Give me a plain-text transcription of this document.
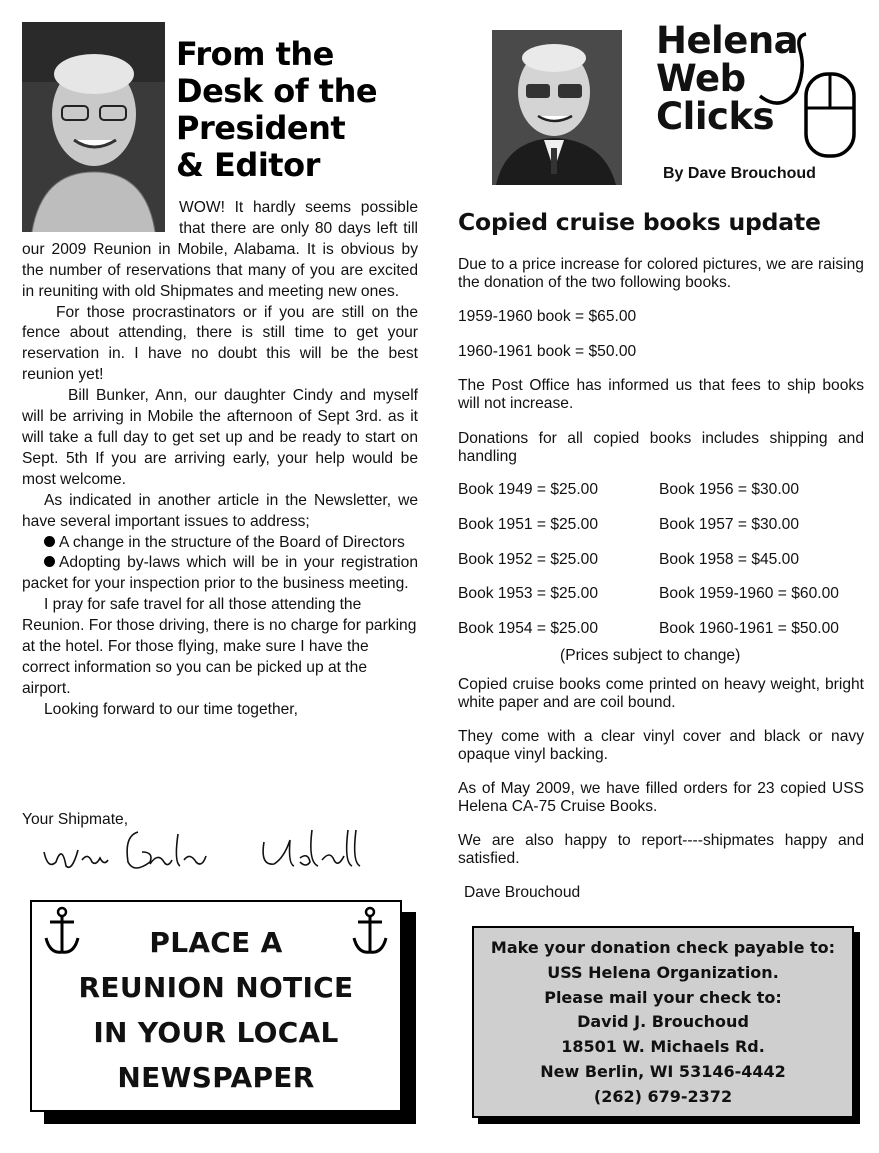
From the
Desk of the
President
& Editor
Your Shipmate,
PLACE A
REUNION NOTICE
IN YOUR LOCAL
NEWSPAPER
Helena
Web
Clicks
By Dave Brouchoud
Copied cruise books update
Due to a price increase for colored pictures, we are raising the donation of the two following books.
1959-1960 book = $65.00
1960-1961 book = $50.00
The Post Office has informed us that fees to ship books will not increase.
Donations for all copied books includes shipping and handling
Book 1949 = $25.00	Book 1956 = $30.00
Book 1951 = $25.00	Book 1957 = $30.00
Book 1952 = $25.00	Book 1958 = $45.00
Book 1953 = $25.00	Book 1959-1960 = $60.00
Book 1954 = $25.00	Book 1960-1961 = $50.00
(Prices subject to change)
Copied cruise books come printed on heavy weight, bright white paper and are coil bound.
They come with a clear vinyl cover and black or navy opaque vinyl backing.
As of May 2009, we have filled orders for 23 copied USS Helena CA-75 Cruise Books.
We are also happy to report----shipmates happy and satisfied.
Dave Brouchoud
Make your donation check payable to:
USS Helena Organization.
Please mail your check to:
David J. Brouchoud
18501 W. Michaels Rd.
New Berlin, WI 53146-4442
(262) 679-2372

WOW! It hardly seems possible that there are only 80 days left till our 2009 Reunion in Mobile, Alabama. It is obvious by the number of reservations that many of you are excited in reuniting with old Shipmates and meeting new ones.

For those procrastinators or if you are still on the fence about attending, there is still time to get your reservation in. I have no doubt this will be the best reunion yet!

Bill Bunker, Ann, our daughter Cindy and myself will be arriving in Mobile the afternoon of Sept 3rd. as it will take a full day to get set up and be ready to start on Sept. 5th If you are arriving early, your help would be most welcome.

As indicated in another article in the Newsletter, we have several important issues to address;

A change in the structure of the Board of Directors

Adopting by-laws which will be in your registration packet for your inspection prior to the business meeting.

I pray for safe travel for all those attending the Reunion. For those driving, there is no charge for parking at the hotel. For those flying, make sure I have the correct information so you can be picked up at the airport.

Looking forward to our time together,
